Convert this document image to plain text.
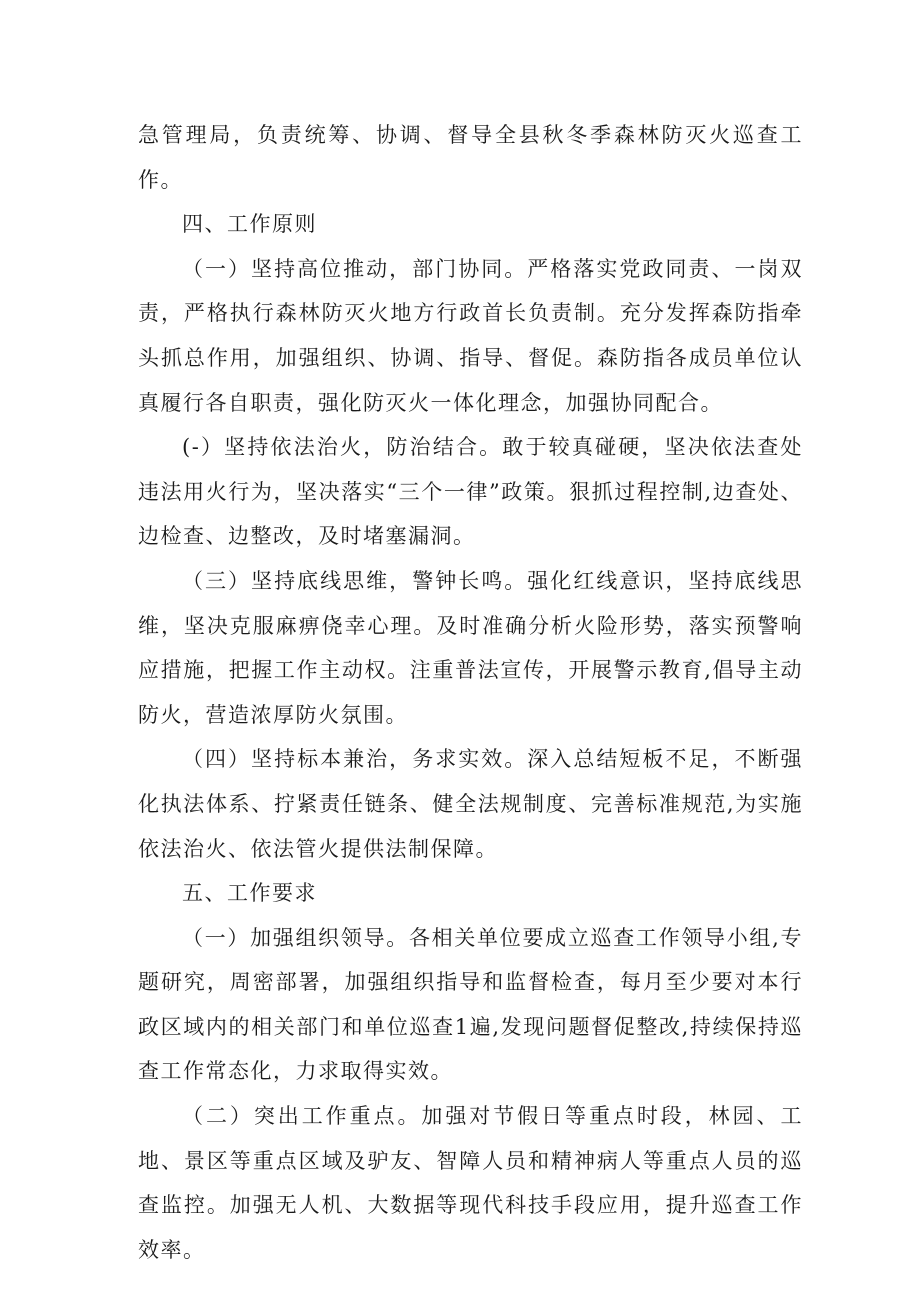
急管理局，负责统筹、协调、督导全县秋冬季森林防灭火巡查工作。

四、工作原则

（一）坚持高位推动，部门协同。严格落实党政同责、一岗双责，严格执行森林防灭火地方行政首长负责制。充分发挥森防指牵头抓总作用，加强组织、协调、指导、督促。森防指各成员单位认真履行各自职责，强化防灭火一体化理念，加强协同配合。

(-）坚持依法治火，防治结合。敢于较真碰硬，坚决依法查处违法用火行为，坚决落实“三个一律”政策。狠抓过程控制,边查处、边检查、边整改，及时堵塞漏洞。

（三）坚持底线思维，警钟长鸣。强化红线意识，坚持底线思维，坚决克服麻痹侥幸心理。及时准确分析火险形势，落实预警响应措施，把握工作主动权。注重普法宣传，开展警示教育,倡导主动防火，营造浓厚防火氛围。

（四）坚持标本兼治，务求实效。深入总结短板不足，不断强化执法体系、拧紧责任链条、健全法规制度、完善标准规范,为实施依法治火、依法管火提供法制保障。

五、工作要求

（一）加强组织领导。各相关单位要成立巡查工作领导小组,专题研究，周密部署，加强组织指导和监督检查，每月至少要对本行政区域内的相关部门和单位巡查1遍,发现问题督促整改,持续保持巡查工作常态化，力求取得实效。

（二）突出工作重点。加强对节假日等重点时段，林园、工地、景区等重点区域及驴友、智障人员和精神病人等重点人员的巡查监控。加强无人机、大数据等现代科技手段应用，提升巡查工作效率。
